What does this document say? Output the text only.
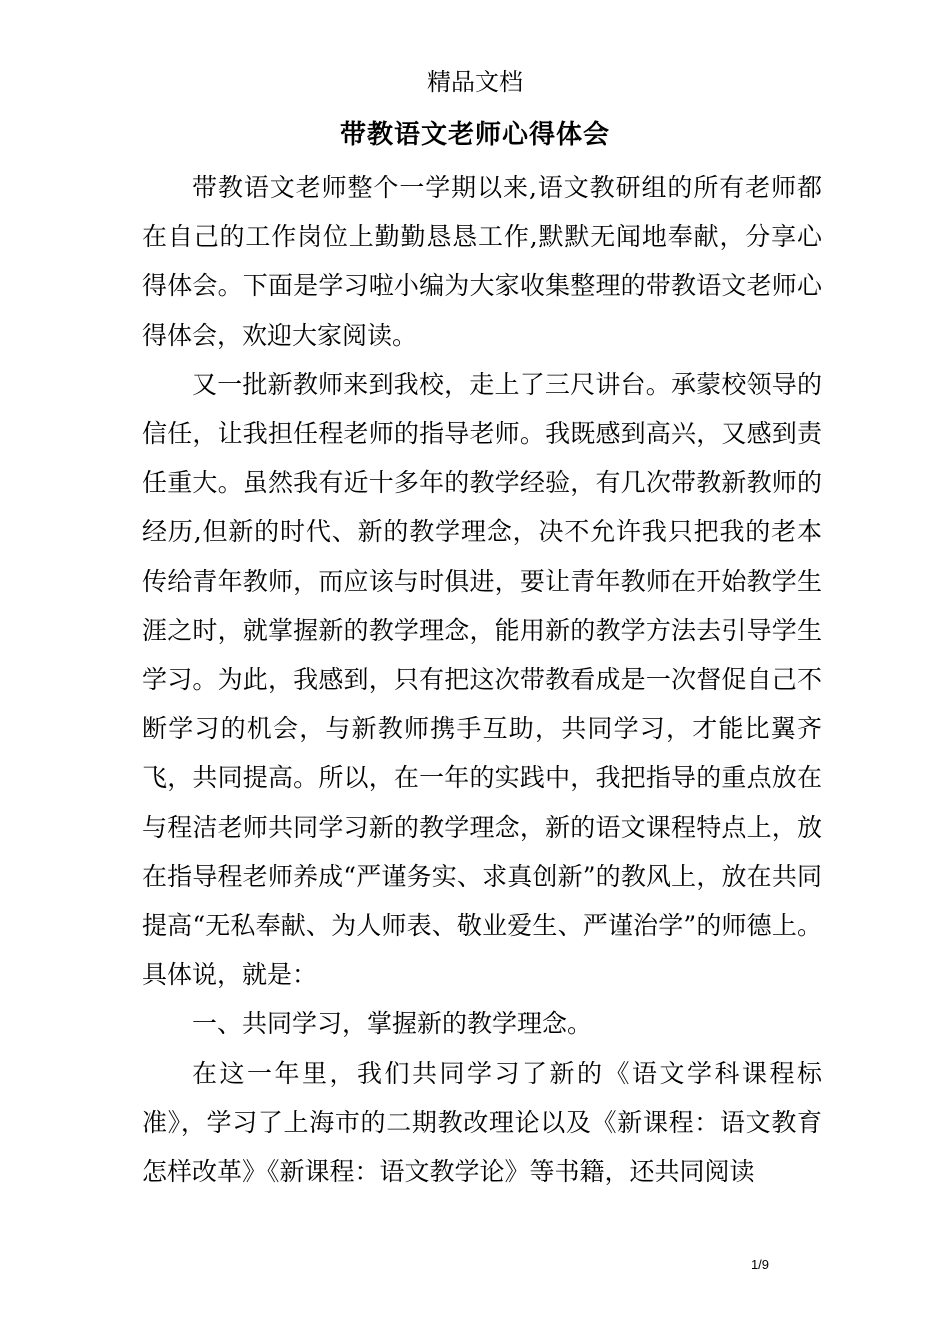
精品文档
带教语文老师心得体会

带教语文老师整个一学期以来,语文教研组的所有老师都在自己的工作岗位上勤勤恳恳工作,默默无闻地奉献，分享心得体会。下面是学习啦小编为大家收集整理的带教语文老师心得体会，欢迎大家阅读。

又一批新教师来到我校，走上了三尺讲台。承蒙校领导的信任，让我担任程老师的指导老师。我既感到高兴，又感到责任重大。虽然我有近十多年的教学经验，有几次带教新教师的经历,但新的时代、新的教学理念，决不允许我只把我的老本传给青年教师，而应该与时俱进，要让青年教师在开始教学生涯之时，就掌握新的教学理念，能用新的教学方法去引导学生学习。为此，我感到，只有把这次带教看成是一次督促自己不断学习的机会，与新教师携手互助，共同学习，才能比翼齐飞，共同提高。所以，在一年的实践中，我把指导的重点放在与程洁老师共同学习新的教学理念，新的语文课程特点上，放在指导程老师养成“严谨务实、求真创新”的教风上，放在共同提高“无私奉献、为人师表、敬业爱生、严谨治学”的师德上。具体说，就是：

一、共同学习，掌握新的教学理念。

在这一年里，我们共同学习了新的《语文学科课程标准》，学习了上海市的二期教改理论以及《新课程：语文教育怎样改革》《新课程：语文教学论》等书籍，还共同阅读

1/9
